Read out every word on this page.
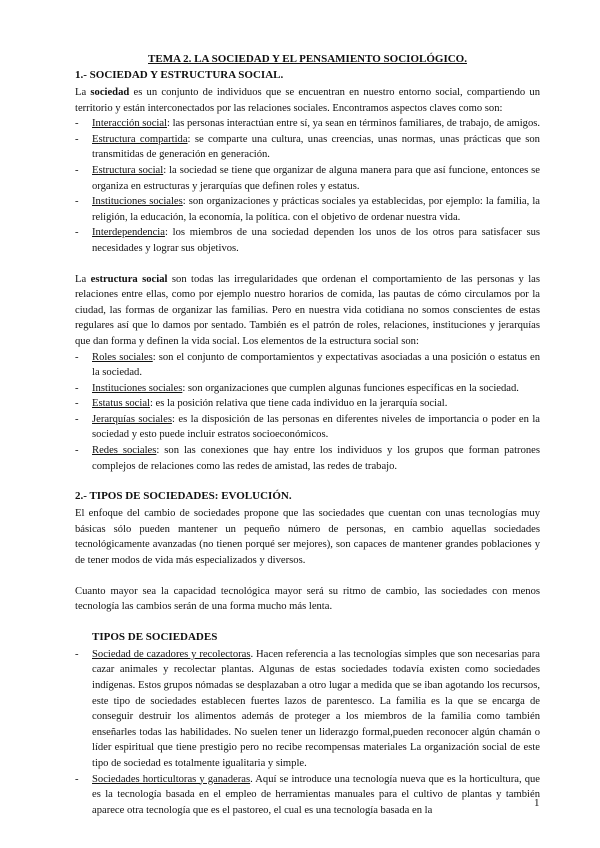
TEMA 2. LA SOCIEDAD Y EL PENSAMIENTO SOCIOLÓGICO.

1.- SOCIEDAD Y ESTRUCTURA SOCIAL.

La sociedad es un conjunto de individuos que se encuentran en nuestro entorno social, compartiendo un territorio y están interconectados por las relaciones sociales. Encontramos aspectos claves como son:

- Interacción social: las personas interactúan entre sí, ya sean en términos familiares, de trabajo, de amigos.
- Estructura compartida: se comparte una cultura, unas creencias, unas normas, unas prácticas que son transmitidas de generación en generación.
- Estructura social: la sociedad se tiene que organizar de alguna manera para que así funcione, entonces se organiza en estructuras y jerarquías que definen roles y estatus.
- Instituciones sociales: son organizaciones y prácticas sociales ya establecidas, por ejemplo: la familia, la religión, la educación, la economía, la política. con el objetivo de ordenar nuestra vida.
- Interdependencia: los miembros de una sociedad dependen los unos de los otros para satisfacer sus necesidades y lograr sus objetivos.

La estructura social son todas las irregularidades que ordenan el comportamiento de las personas y las relaciones entre ellas, como por ejemplo nuestro horarios de comida, las pautas de cómo circulamos por la ciudad, las formas de organizar las familias. Pero en nuestra vida cotidiana no somos conscientes de estas regulares así que lo damos por sentado. También es el patrón de roles, relaciones, instituciones y jerarquías que dan forma y definen la vida social. Los elementos de la estructura social son:

- Roles sociales: son el conjunto de comportamientos y expectativas asociadas a una posición o estatus en la sociedad.
- Instituciones sociales: son organizaciones que cumplen algunas funciones específicas en la sociedad.
- Estatus social: es la posición relativa que tiene cada individuo en la jerarquía social.
- Jerarquías sociales: es la disposición de las personas en diferentes niveles de importancia o poder en la sociedad y esto puede incluir estratos socioeconómicos.
- Redes sociales: son las conexiones que hay entre los individuos y los grupos que forman patrones complejos de relaciones como las redes de amistad, las redes de trabajo.

2.- TIPOS DE SOCIEDADES: EVOLUCIÓN.

El enfoque del cambio de sociedades propone que las sociedades que cuentan con unas tecnologías muy básicas sólo pueden mantener un pequeño número de personas, en cambio aquellas sociedades tecnológicamente avanzadas (no tienen porqué ser mejores), son capaces de mantener grandes poblaciones y de tener modos de vida más especializados y diversos.

Cuanto mayor sea la capacidad tecnológica mayor será su ritmo de cambio, las sociedades con menos tecnología las cambios serán de una forma mucho más lenta.

TIPOS DE SOCIEDADES

- Sociedad de cazadores y recolectoras. Hacen referencia a las tecnologías simples que son necesarias para cazar animales y recolectar plantas. Algunas de estas sociedades todavía existen como sociedades indígenas. Estos grupos nómadas se desplazaban a otro lugar a medida que se iban agotando los recursos, este tipo de sociedades establecen fuertes lazos de parentesco. La familia es la que se encarga de conseguir destruir los alimentos además de proteger a los miembros de la familia como también enseñarles todas las habilidades. No suelen tener un liderazgo formal,pueden reconocer algún chamán o líder espiritual que tiene prestigio pero no recibe recompensas materiales La organización social de este tipo de sociedad es totalmente igualitaria y simple.
- Sociedades horticultoras y ganaderas. Aquí se introduce una tecnología nueva que es la horticultura, que es la tecnología basada en el empleo de herramientas manuales para el cultivo de plantas y también aparece otra tecnología que es el pastoreo, el cual es una tecnología basada en la
1
